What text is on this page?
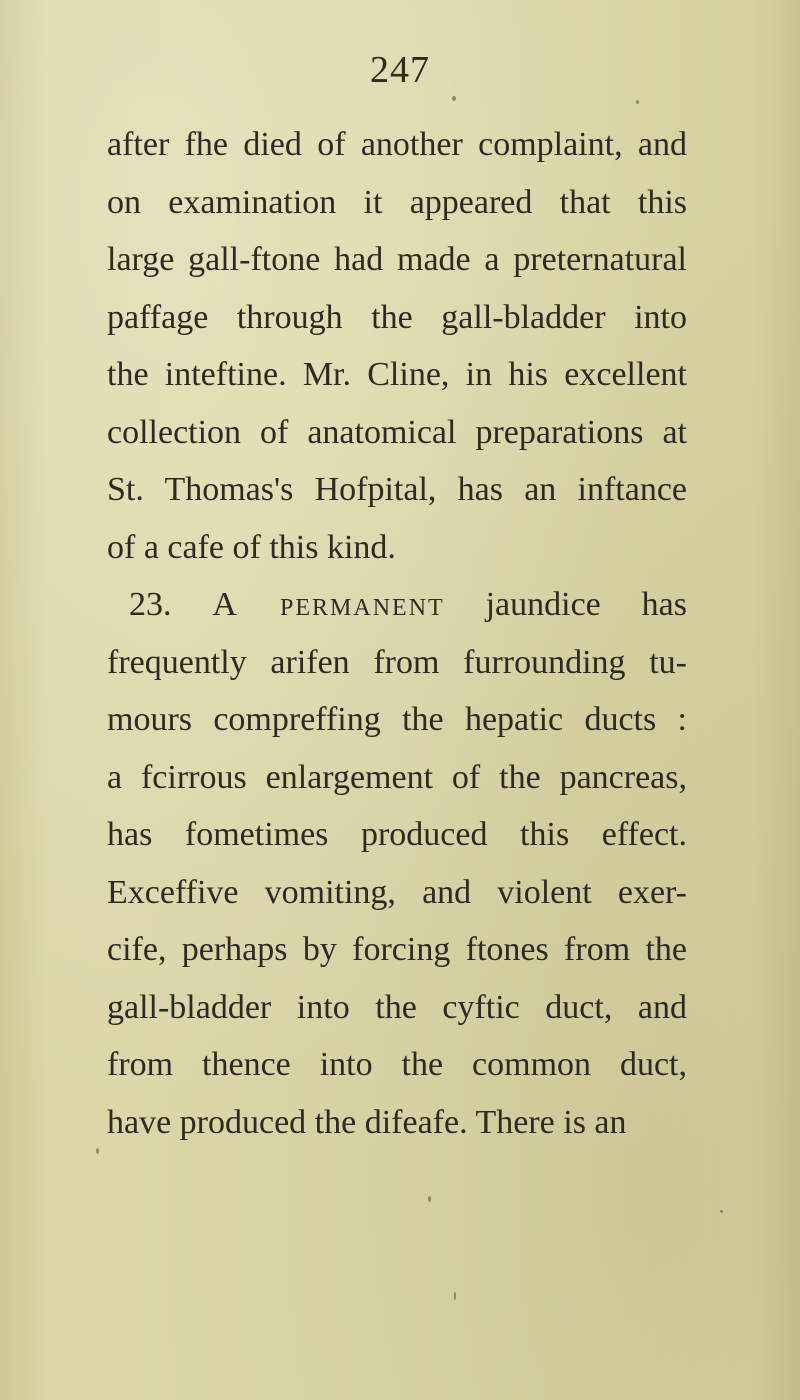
247
after fhe died of another complaint, and
on examination it appeared that this
large gall-ftone had made a preternatural
paffage through the gall-bladder into
the inteftine. Mr. Cline, in his excellent
collection of anatomical preparations at
St. Thomas's Hofpital, has an inftance
of a cafe of this kind.
23. A permanent jaundice has
frequently arifen from furrounding tu-
mours compreffing the hepatic ducts :
a fcirrous enlargement of the pancreas,
has fometimes produced this effect.
Exceffive vomiting, and violent exer-
cife, perhaps by forcing ftones from the
gall-bladder into the cyftic duct, and
from thence into the common duct,
have produced the difeafe. There is an
